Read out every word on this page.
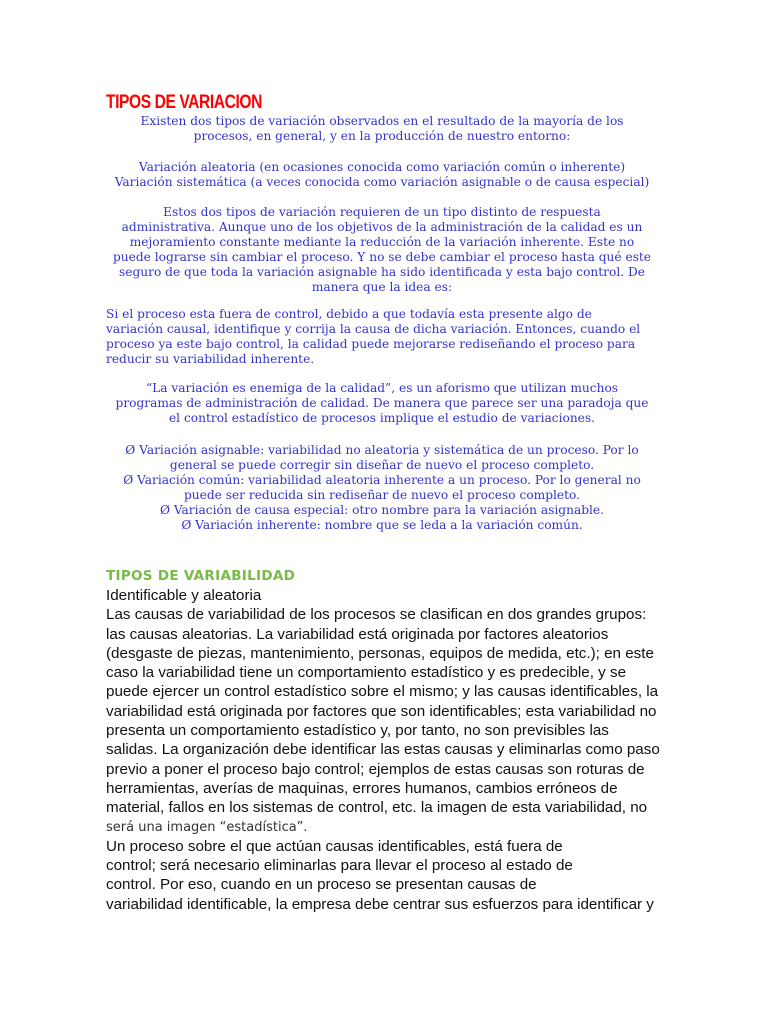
TIPOS DE VARIACION

Existen dos tipos de variación observados en el resultado de la mayoría de los

procesos, en general, y en la producción de nuestro entorno:

Variación aleatoria (en ocasiones conocida como variación común o inherente)

Variación sistemática (a veces conocida como variación asignable o de causa especial)

Estos dos tipos de variación requieren de un tipo distinto de respuesta

administrativa. Aunque uno de los objetivos de la administración de la calidad es un

mejoramiento constante mediante la reducción de la variación inherente. Este no

puede lograrse sin cambiar el proceso. Y no se debe cambiar el proceso hasta qué este

seguro de que toda la variación asignable ha sido identificada y esta bajo control. De

manera que la idea es:

Si el proceso esta fuera de control, debido a que todavía esta presente algo de

variación causal, identifique y corrija la causa de dicha variación. Entonces, cuando el

proceso ya este bajo control, la calidad puede mejorarse rediseñando el proceso para

reducir su variabilidad inherente.

“La variación es enemiga de la calidad”, es un aforismo que utilizan muchos

programas de administración de calidad. De manera que parece ser una paradoja que

el control estadístico de procesos implique el estudio de variaciones.

Ø Variación asignable: variabilidad no aleatoria y sistemática de un proceso. Por lo

general se puede corregir sin diseñar de nuevo el proceso completo.

Ø Variación común: variabilidad aleatoria inherente a un proceso. Por lo general no

puede ser reducida sin rediseñar de nuevo el proceso completo.

Ø Variación de causa especial: otro nombre para la variación asignable.

Ø Variación inherente: nombre que se leda a la variación común.

TIPOS DE VARIABILIDAD

Identificable y aleatoria

Las causas de variabilidad de los procesos se clasifican en dos grandes grupos:

las causas aleatorias. La variabilidad está originada por factores aleatorios

(desgaste de piezas, mantenimiento, personas, equipos de medida, etc.); en este

caso la variabilidad tiene un comportamiento estadístico y es predecible, y se

puede ejercer un control estadístico sobre el mismo; y las causas identificables, la

variabilidad está originada por factores que son identificables; esta variabilidad no

presenta un comportamiento estadístico y, por tanto, no son previsibles las

salidas. La organización debe identificar las estas causas y eliminarlas como paso

previo a poner el proceso bajo control; ejemplos de estas causas son roturas de

herramientas, averías de maquinas, errores humanos, cambios erróneos de

material, fallos en los sistemas de control, etc. la imagen de esta variabilidad, no

será una imagen “estadística”.

Un proceso sobre el que actúan causas identificables, está fuera de

control; será necesario eliminarlas para llevar el proceso al estado de

control. Por eso, cuando en un proceso se presentan causas de

variabilidad identificable, la empresa debe centrar sus esfuerzos para identificar y
